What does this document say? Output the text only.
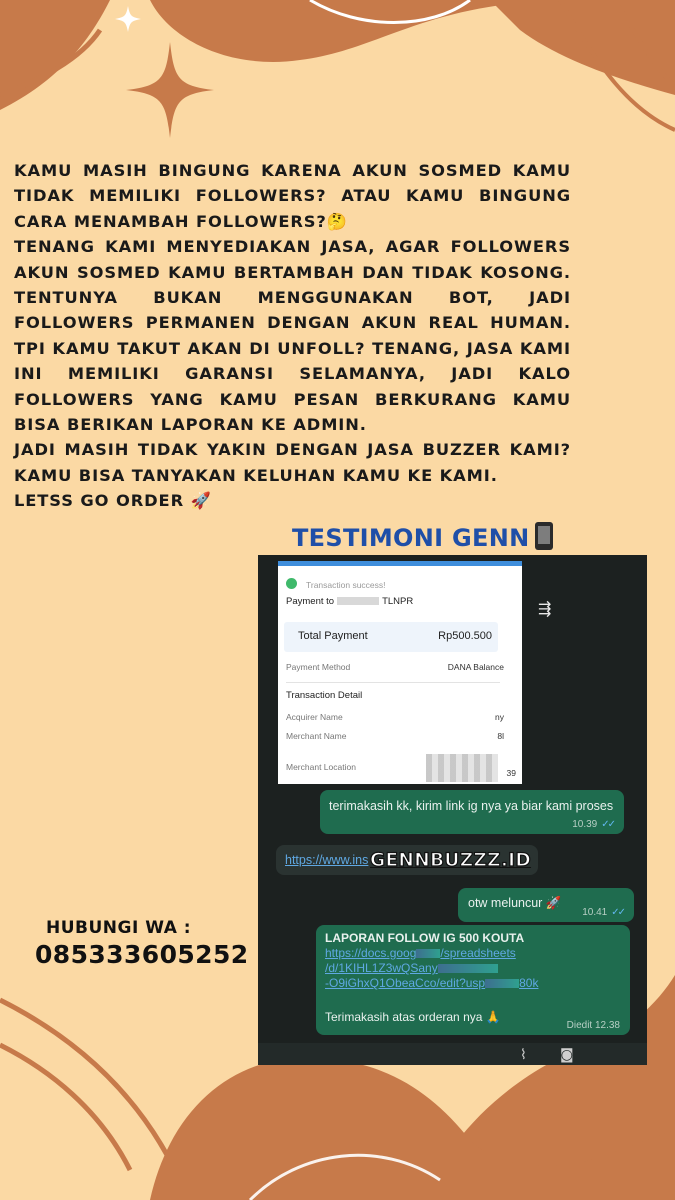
KAMU MASIH BINGUNG KARENA AKUN SOSMED KAMU TIDAK MEMILIKI FOLLOWERS? ATAU KAMU BINGUNG CARA MENAMBAH FOLLOWERS?🤔

TENANG KAMI MENYEDIAKAN JASA, AGAR FOLLOWERS AKUN SOSMED KAMU BERTAMBAH DAN TIDAK KOSONG. TENTUNYA BUKAN MENGGUNAKAN BOT, JADI FOLLOWERS PERMANEN DENGAN AKUN REAL HUMAN. TPI KAMU TAKUT AKAN DI UNFOLL? TENANG, JASA KAMI INI MEMILIKI GARANSI SELAMANYA, JADI KALO FOLLOWERS YANG KAMU PESAN BERKURANG KAMU BISA BERIKAN LAPORAN KE ADMIN.

JADI MASIH TIDAK YAKIN DENGAN JASA BUZZER KAMI? KAMU BISA TANYAKAN KELUHAN KAMU KE KAMI.

LETSS GO ORDER 🚀

TESTIMONI GENN
HUBUNGI WA :
085333605252
Transaction success!
Payment to	TLNPR
Total Payment	Rp500.500
Payment Method	DANA Balance
Transaction Detail
Acquirer Name	ny
Merchant Name	8l
Merchant Location
39
⇶
terimakasih kk, kirim link ig nya ya biar kami proses
10.39 ✓✓
https://www.ins GENNBUZZZ.ID
otw meluncur 🚀
10.41 ✓✓
LAPORAN FOLLOW IG 500 KOUTA
https://docs.goog /spreadsheets
/d/1KIHL1Z3wQSany
-O9iGhxQ1ObeaCco/edit?usp	80k
Terimakasih atas orderan nya 🙏
Diedit 12.38
⌇ ◙
